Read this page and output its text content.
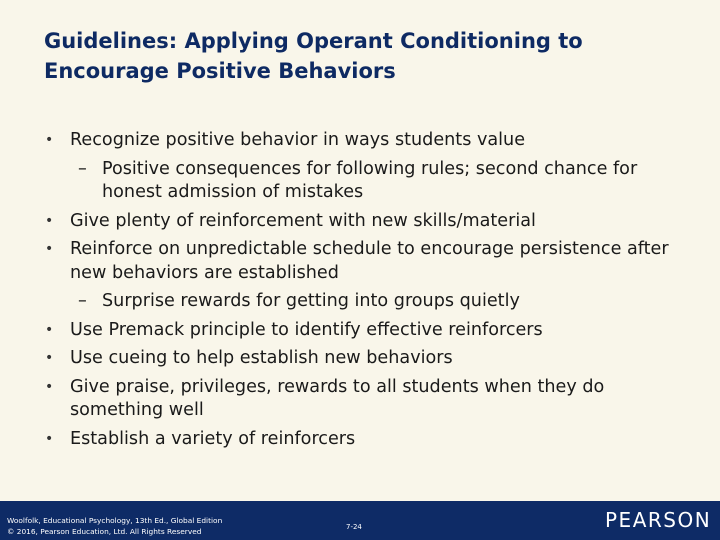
Guidelines: Applying Operant Conditioning to
Encourage Positive Behaviors
• Recognize positive behavior in ways students value
– Positive consequences for following rules; second chance for honest admission of mistakes
• Give plenty of reinforcement with new skills/material
• Reinforce on unpredictable schedule to encourage persistence after new behaviors are established
– Surprise rewards for getting into groups quietly
• Use Premack principle to identify effective reinforcers
• Use cueing to help establish new behaviors
• Give praise, privileges, rewards to all students when they do something well
• Establish a variety of reinforcers
Woolfolk, Educational Psychology, 13th Ed., Global Edition
© 2016, Pearson Education, Ltd. All Rights Reserved	7-24	PEARSON
